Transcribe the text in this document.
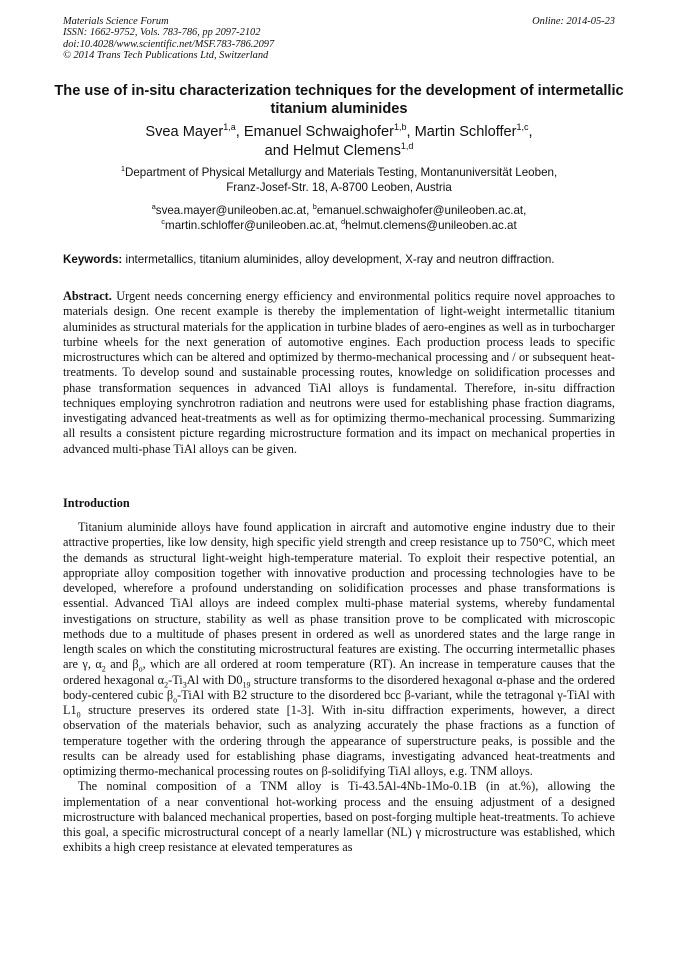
Materials Science Forum
ISSN: 1662-9752, Vols. 783-786, pp 2097-2102
doi:10.4028/www.scientific.net/MSF.783-786.2097
© 2014 Trans Tech Publications Ltd, Switzerland
Online: 2014-05-23
The use of in-situ characterization techniques for the development of intermetallic titanium aluminides
Svea Mayer$^{1,a}$, Emanuel Schwaighofer$^{1,b}$, Martin Schloffer$^{1,c}$,
and Helmut Clemens$^{1,d}$
$^1$Department of Physical Metallurgy and Materials Testing, Montanuniversität Leoben,
Franz-Josef-Str. 18, A-8700 Leoben, Austria
$^a$svea.mayer@unileoben.ac.at, $^b$emanuel.schwaighofer@unileoben.ac.at,
$^c$martin.schloffer@unileoben.ac.at, $^d$helmut.clemens@unileoben.ac.at
Keywords: intermetallics, titanium aluminides, alloy development, X-ray and neutron diffraction.
Abstract. Urgent needs concerning energy efficiency and environmental politics require novel approaches to materials design. One recent example is thereby the implementation of light-weight intermetallic titanium aluminides as structural materials for the application in turbine blades of aero-engines as well as in turbocharger turbine wheels for the next generation of automotive engines. Each production process leads to specific microstructures which can be altered and optimized by thermo-mechanical processing and / or subsequent heat-treatments. To develop sound and sustainable processing routes, knowledge on solidification processes and phase transformation sequences in advanced TiAl alloys is fundamental. Therefore, in-situ diffraction techniques employing synchrotron radiation and neutrons were used for establishing phase fraction diagrams, investigating advanced heat-treatments as well as for optimizing thermo-mechanical processing. Summarizing all results a consistent picture regarding microstructure formation and its impact on mechanical properties in advanced multi-phase TiAl alloys can be given.
Introduction

Titanium aluminide alloys have found application in aircraft and automotive engine industry due to their attractive properties, like low density, high specific yield strength and creep resistance up to 750°C, which meet the demands as structural light-weight high-temperature material. To exploit their respective potential, an appropriate alloy composition together with innovative production and processing technologies have to be developed, wherefore a profound understanding on solidification processes and phase transformations is essential. Advanced TiAl alloys are indeed complex multi-phase material systems, whereby fundamental investigations on structure, stability as well as phase transition prove to be complicated with microscopic methods due to a multitude of phases present in ordered as well as unordered states and the large range in length scales on which the constituting microstructural features are existing. The occurring intermetallic phases are γ, $\alpha_2$ and $\beta_o$, which are all ordered at room temperature (RT). An increase in temperature causes that the ordered hexagonal $\alpha_2-Ti_3Al$ with $D0_{19}$ structure transforms to the disordered hexagonal α-phase and the ordered body-centered cubic $\beta_o$-TiAl with B2 structure to the disordered bcc β-variant, while the tetragonal γ-TiAl with $L1_0$ structure preserves its ordered state [1-3]. With in-situ diffraction experiments, however, a direct observation of the materials behavior, such as analyzing accurately the phase fractions as a function of temperature together with the ordering through the appearance of superstructure peaks, is possible and the results can be already used for establishing phase diagrams, investigating advanced heat-treatments and optimizing thermo-mechanical processing routes on β-solidifying TiAl alloys, e.g. TNM alloys.

The nominal composition of a TNM alloy is Ti-43.5Al-4Nb-1Mo-0.1B (in at.%), allowing the implementation of a near conventional hot-working process and the ensuing adjustment of a designed microstructure with balanced mechanical properties, based on post-forging multiple heat-treatments. To achieve this goal, a specific microstructural concept of a nearly lamellar (NL) γ microstructure was established, which exhibits a high creep resistance at elevated temperatures as
